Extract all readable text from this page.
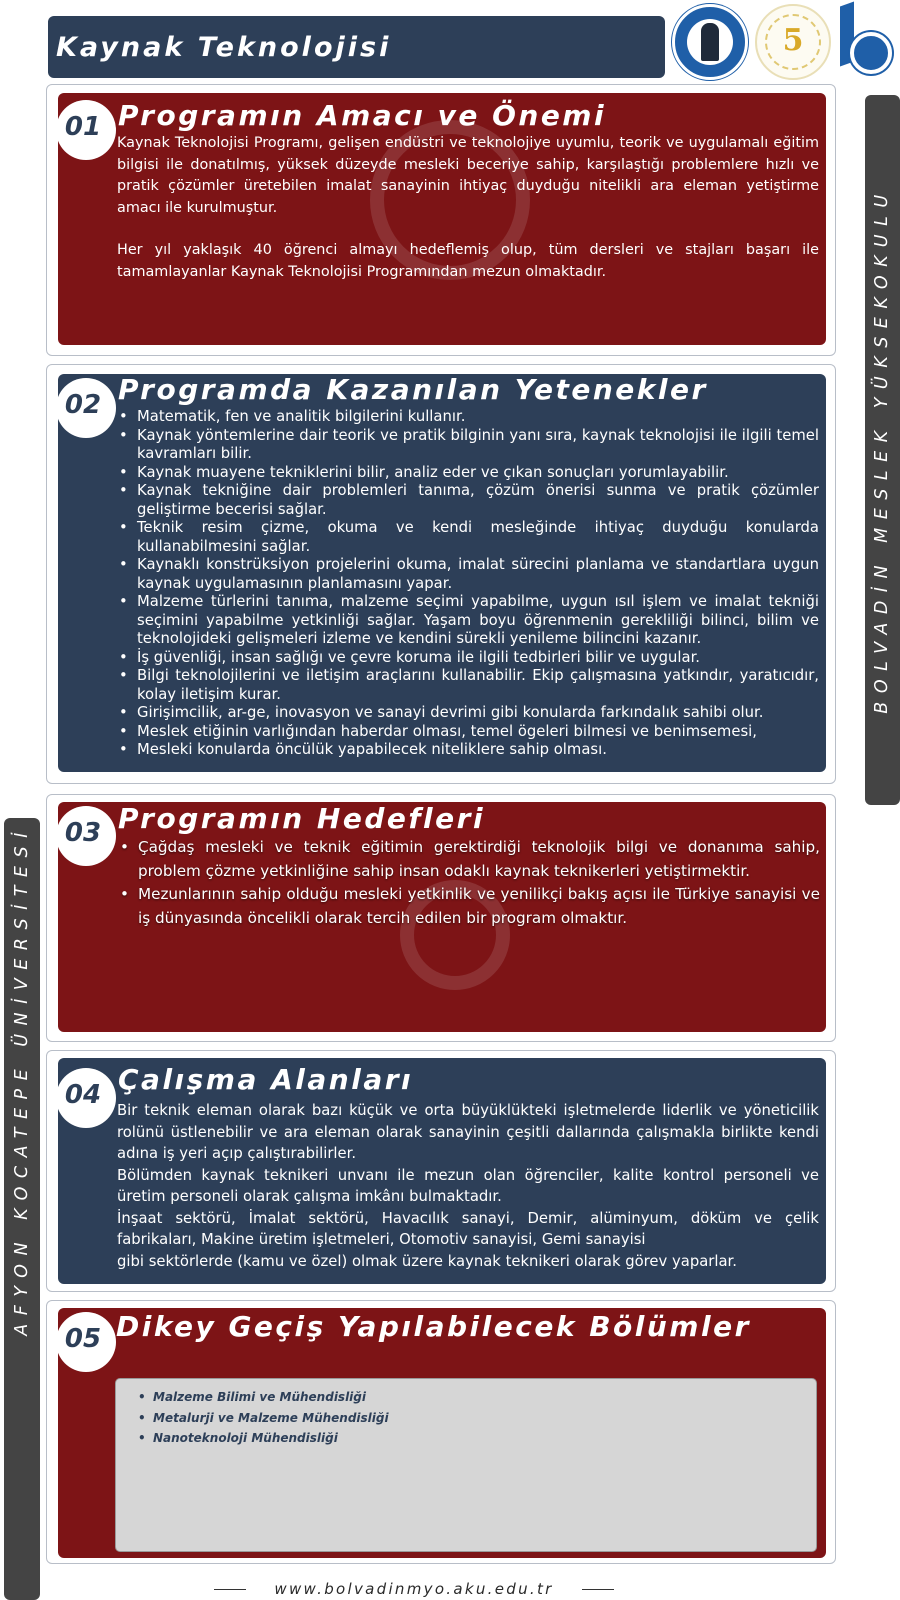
Kaynak Teknolojisi	5
BOLVADİN MESLEK YÜKSEKOKULU
AFYON KOCATEPE ÜNİVERSİTESİ
01 Programın Amacı ve Önemi

Kaynak Teknolojisi Programı, gelişen endüstri ve teknolojiye uyumlu, teorik ve uygulamalı eğitim bilgisi ile donatılmış, yüksek düzeyde mesleki beceriye sahip, karşılaştığı problemlere hızlı ve pratik çözümler üretebilen imalat sanayinin ihtiyaç duyduğu nitelikli ara eleman yetiştirme amacı ile kurulmuştur.

Her yıl yaklaşık 40 öğrenci almayı hedeflemiş olup, tüm dersleri ve stajları başarı ile tamamlayanlar Kaynak Teknolojisi Programından mezun olmaktadır.

02 Programda Kazanılan Yetenekler
• Matematik, fen ve analitik bilgilerini kullanır.
• Kaynak yöntemlerine dair teorik ve pratik bilginin yanı sıra, kaynak teknolojisi ile ilgili temel kavramları bilir.
• Kaynak muayene tekniklerini bilir, analiz eder ve çıkan sonuçları yorumlayabilir.
• Kaynak tekniğine dair problemleri tanıma, çözüm önerisi sunma ve pratik çözümler geliştirme becerisi sağlar.
• Teknik resim çizme, okuma ve kendi mesleğinde ihtiyaç duyduğu konularda kullanabilmesini sağlar.
• Kaynaklı konstrüksiyon projelerini okuma, imalat sürecini planlama ve standartlara uygun kaynak uygulamasının planlamasını yapar.
• Malzeme türlerini tanıma, malzeme seçimi yapabilme, uygun ısıl işlem ve imalat tekniği seçimini yapabilme yetkinliği sağlar. Yaşam boyu öğrenmenin gerekliliği bilinci, bilim ve teknolojideki gelişmeleri izleme ve kendini sürekli yenileme bilincini kazanır.
• İş güvenliği, insan sağlığı ve çevre koruma ile ilgili tedbirleri bilir ve uygular.
• Bilgi teknolojilerini ve iletişim araçlarını kullanabilir. Ekip çalışmasına yatkındır, yaratıcıdır, kolay iletişim kurar.
• Girişimcilik, ar-ge, inovasyon ve sanayi devrimi gibi konularda farkındalık sahibi olur.
• Meslek etiğinin varlığından haberdar olması, temel ögeleri bilmesi ve benimsemesi,
• Mesleki konularda öncülük yapabilecek niteliklere sahip olması.
03 Programın Hedefleri
• Çağdaş mesleki ve teknik eğitimin gerektirdiği teknolojik bilgi ve donanıma sahip, problem çözme yetkinliğine sahip insan odaklı kaynak teknikerleri yetiştirmektir.
• Mezunlarının sahip olduğu mesleki yetkinlik ve yenilikçi bakış açısı ile Türkiye sanayisi ve iş dünyasında öncelikli olarak tercih edilen bir program olmaktır.
04 Çalışma Alanları

Bir teknik eleman olarak bazı küçük ve orta büyüklükteki işletmelerde liderlik ve yöneticilik rolünü üstlenebilir ve ara eleman olarak sanayinin çeşitli dallarında çalışmakla birlikte kendi adına iş yeri açıp çalıştırabilirler.

Bölümden kaynak teknikeri unvanı ile mezun olan öğrenciler, kalite kontrol personeli ve üretim personeli olarak çalışma imkânı bulmaktadır.

İnşaat sektörü, İmalat sektörü, Havacılık sanayi, Demir, alüminyum, döküm ve çelik fabrikaları, Makine üretim işletmeleri, Otomotiv sanayisi, Gemi sanayisi

gibi sektörlerde (kamu ve özel) olmak üzere kaynak teknikeri olarak görev yaparlar.

05 Dikey Geçiş Yapılabilecek Bölümler
• Malzeme Bilimi ve Mühendisliği
• Metalurji ve Malzeme Mühendisliği
• Nanoteknoloji Mühendisliği
www.bolvadinmyo.aku.edu.tr
